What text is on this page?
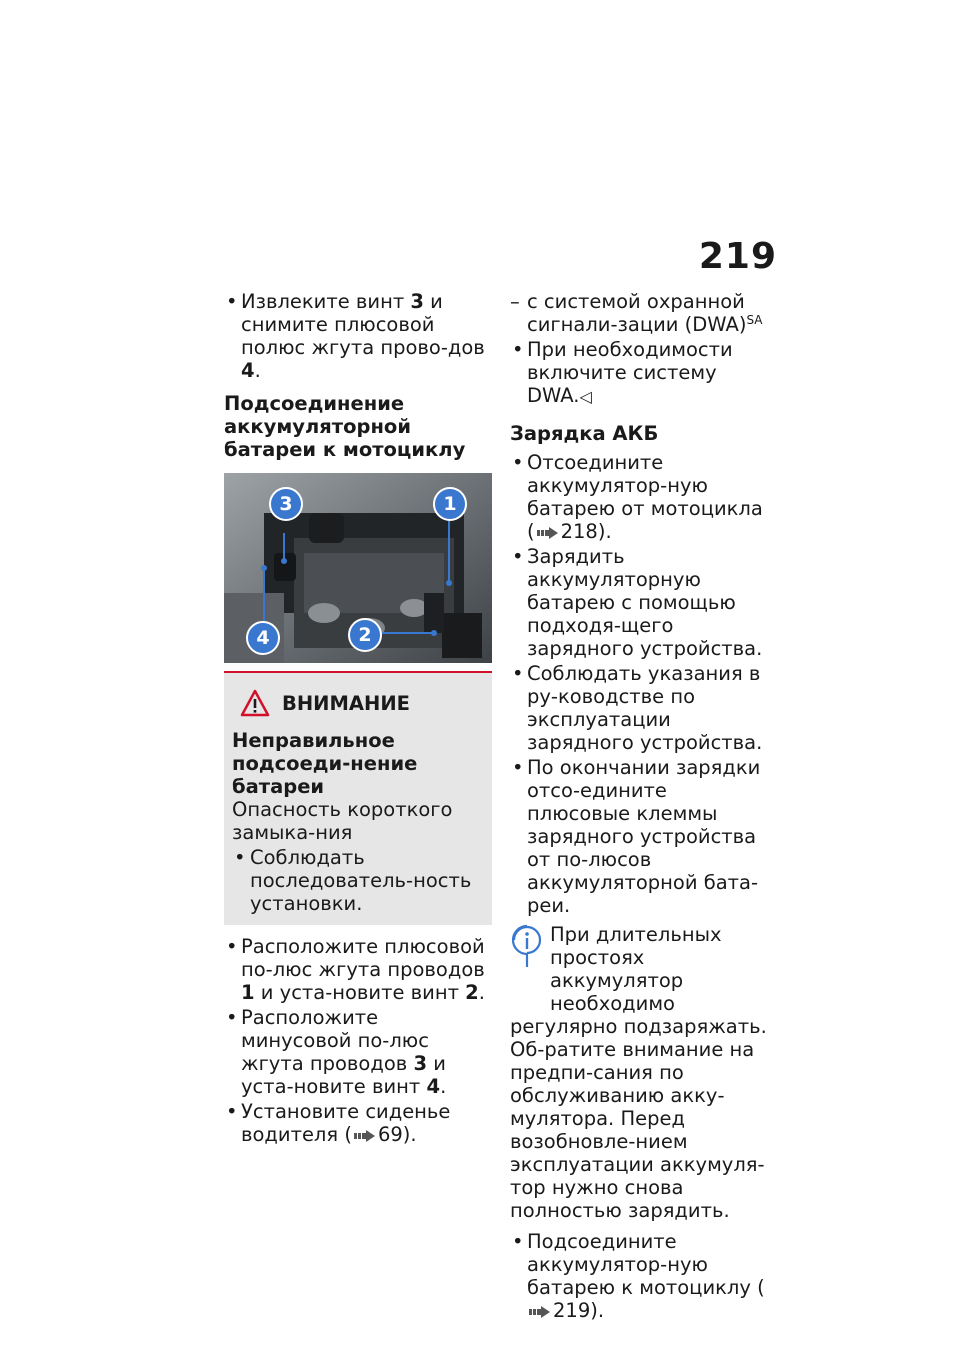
219
• Извлеките винт 3 и снимите плюсовой полюс жгута прово-дов 4.
Подсоединение аккумуляторной батареи к мотоциклу
3	1
2
4
ВНИМАНИЕ
Неправильное подсоеди-нение батареи
Опасность короткого замыка-ния
• Соблюдать последователь-ность установки.
• Расположите плюсовой по-люс жгута проводов 1 и уста-новите винт 2.
• Расположите минусовой по-люс жгута проводов 3 и уста-новите винт 4.
• Установите сиденье водителя ( 69).
– с системой охранной сигнали-зации (DWA)$^{SA}$
• При необходимости включите систему DWA.◁
Зарядка АКБ
• Отсоедините аккумулятор-ную батарею от мотоцикла ( 218).
• Зарядить аккумуляторную батарею с помощью подходя-щего зарядного устройства.
• Соблюдать указания в ру-ководстве по эксплуатации зарядного устройства.
• По окончании зарядки отсо-едините плюсовые клеммы зарядного устройства от по-люсов аккумуляторной бата-реи.
При длительных простоях аккумулятор необходимо
регулярно подзаряжать. Об-ратите внимание на предпи-сания по обслуживанию акку-мулятора. Перед возобновле-нием эксплуатации аккумуля-тор нужно снова полностью зарядить.
• Подсоедините аккумулятор-ную батарею к мотоциклу (219).
